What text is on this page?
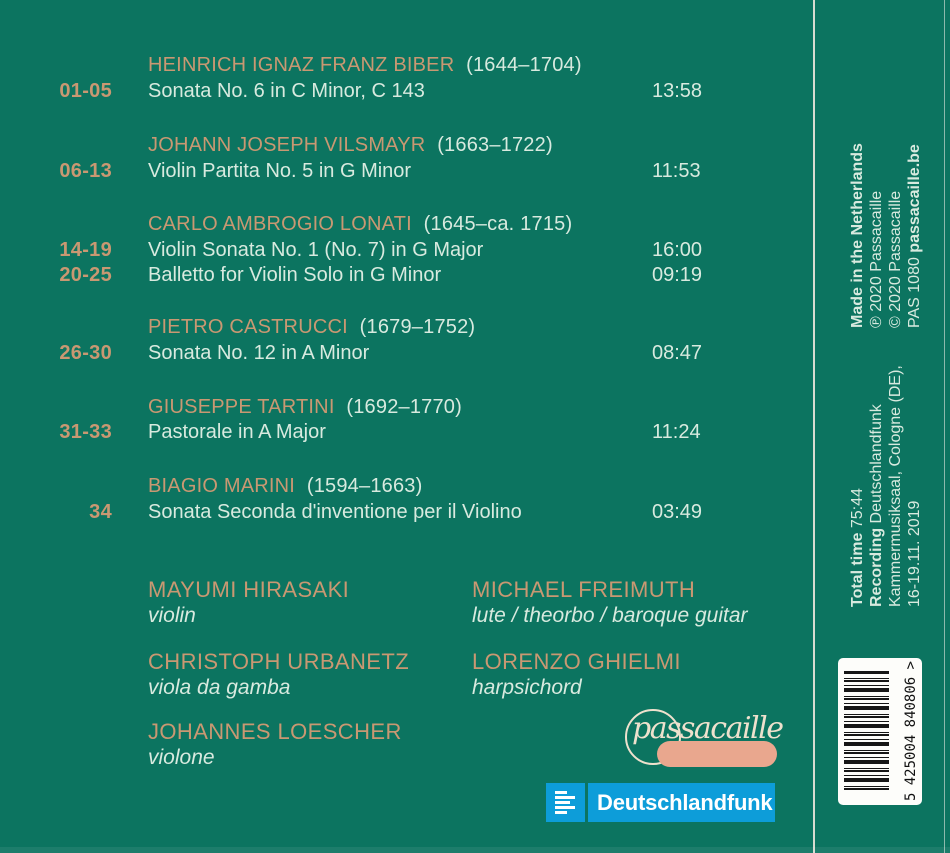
HEINRICH IGNAZ FRANZ BIBER (1644–1704)
01-05 Sonata No. 6 in C Minor, C 143	13:58
JOHANN JOSEPH VILSMAYR (1663–1722)
06-13 Violin Partita No. 5 in G Minor	11:53
CARLO AMBROGIO LONATI (1645–ca. 1715)
14-19 Violin Sonata No. 1 (No. 7) in G Major	16:00
20-25 Balletto for Violin Solo in G Minor	09:19
PIETRO CASTRUCCI (1679–1752)
26-30 Sonata No. 12 in A Minor	08:47
GIUSEPPE TARTINI (1692–1770)
31-33 Pastorale in A Major	11:24
BIAGIO MARINI (1594–1663)
34 Sonata Seconda d'inventione per il Violino	03:49
MAYUMI HIRASAKI
violin
CHRISTOPH URBANETZ
viola da gamba
JOHANNES LOESCHER
violone
MICHAEL FREIMUTH
lute / theorbo / baroque guitar
LORENZO GHIELMI
harpsichord
passacaille
Deutschlandfunk
Made in the Netherlands ℗ 2020 Passacaille © 2020 Passacaille PAS 1080 passacaille.be
Total time 75:44
Recording Deutschlandfunk Kammermusiksaal, Cologne (DE), 16-19.11. 2019
5
425004
840806
>
